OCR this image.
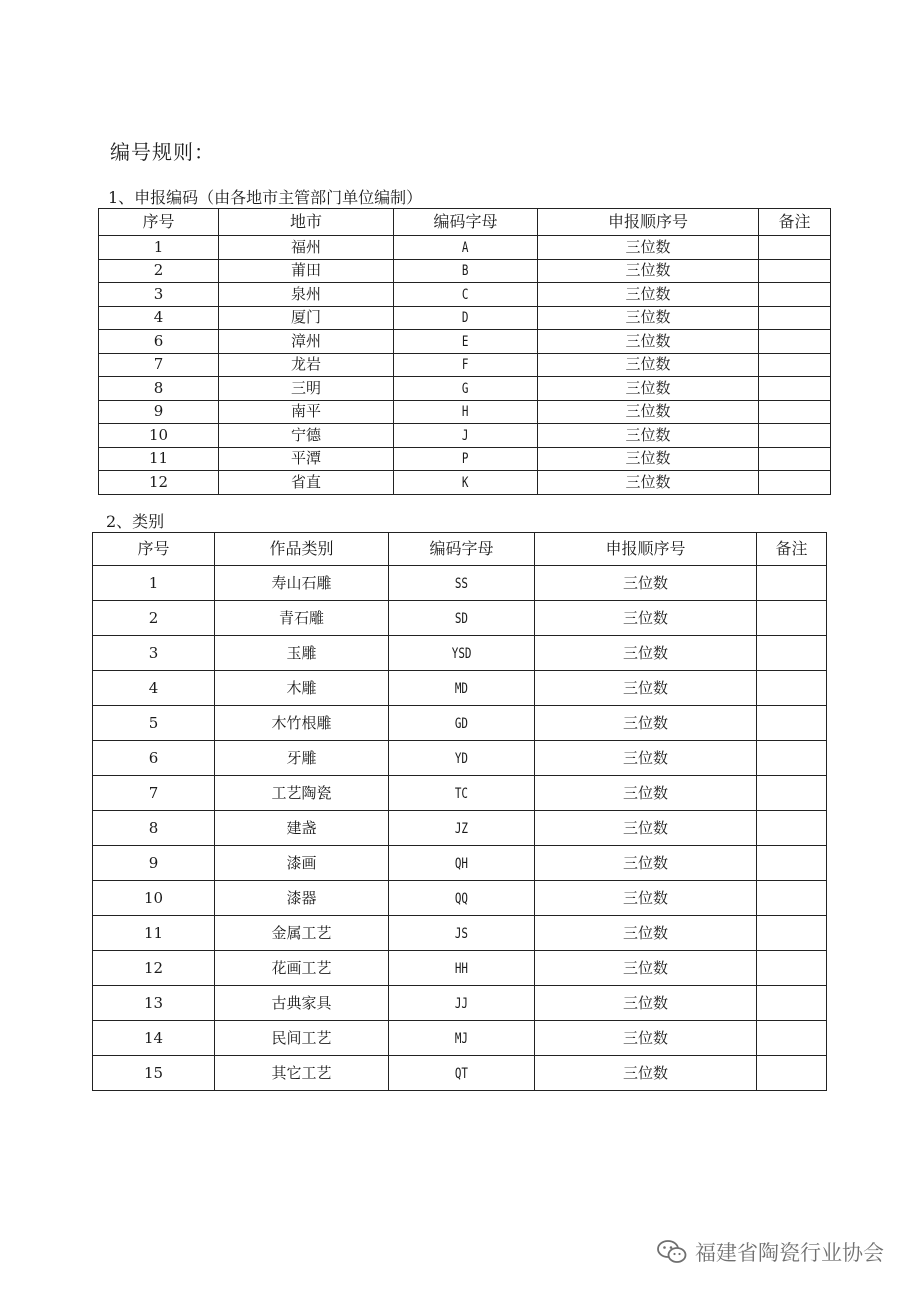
编号规则：
1、申报编码（由各地市主管部门单位编制）
序号	地市	编码字母	申报顺序号	备注
1	福州	A	三位数	
2	莆田	B	三位数	
3	泉州	C	三位数	
4	厦门	D	三位数	
6	漳州	E	三位数	
7	龙岩	F	三位数	
8	三明	G	三位数	
9	南平	H	三位数	
10	宁德	J	三位数	
11	平潭	P	三位数	
12	省直	K	三位数	
2、类别
序号	作品类别	编码字母	申报顺序号	备注
1	寿山石雕	SS	三位数	
2	青石雕	SD	三位数	
3	玉雕	YSD	三位数	
4	木雕	MD	三位数	
5	木竹根雕	GD	三位数	
6	牙雕	YD	三位数	
7	工艺陶瓷	TC	三位数	
8	建盏	JZ	三位数	
9	漆画	QH	三位数	
10	漆器	QQ	三位数	
11	金属工艺	JS	三位数	
12	花画工艺	HH	三位数	
13	古典家具	JJ	三位数	
14	民间工艺	MJ	三位数	
15	其它工艺	QT	三位数	
福建省陶瓷行业协会
